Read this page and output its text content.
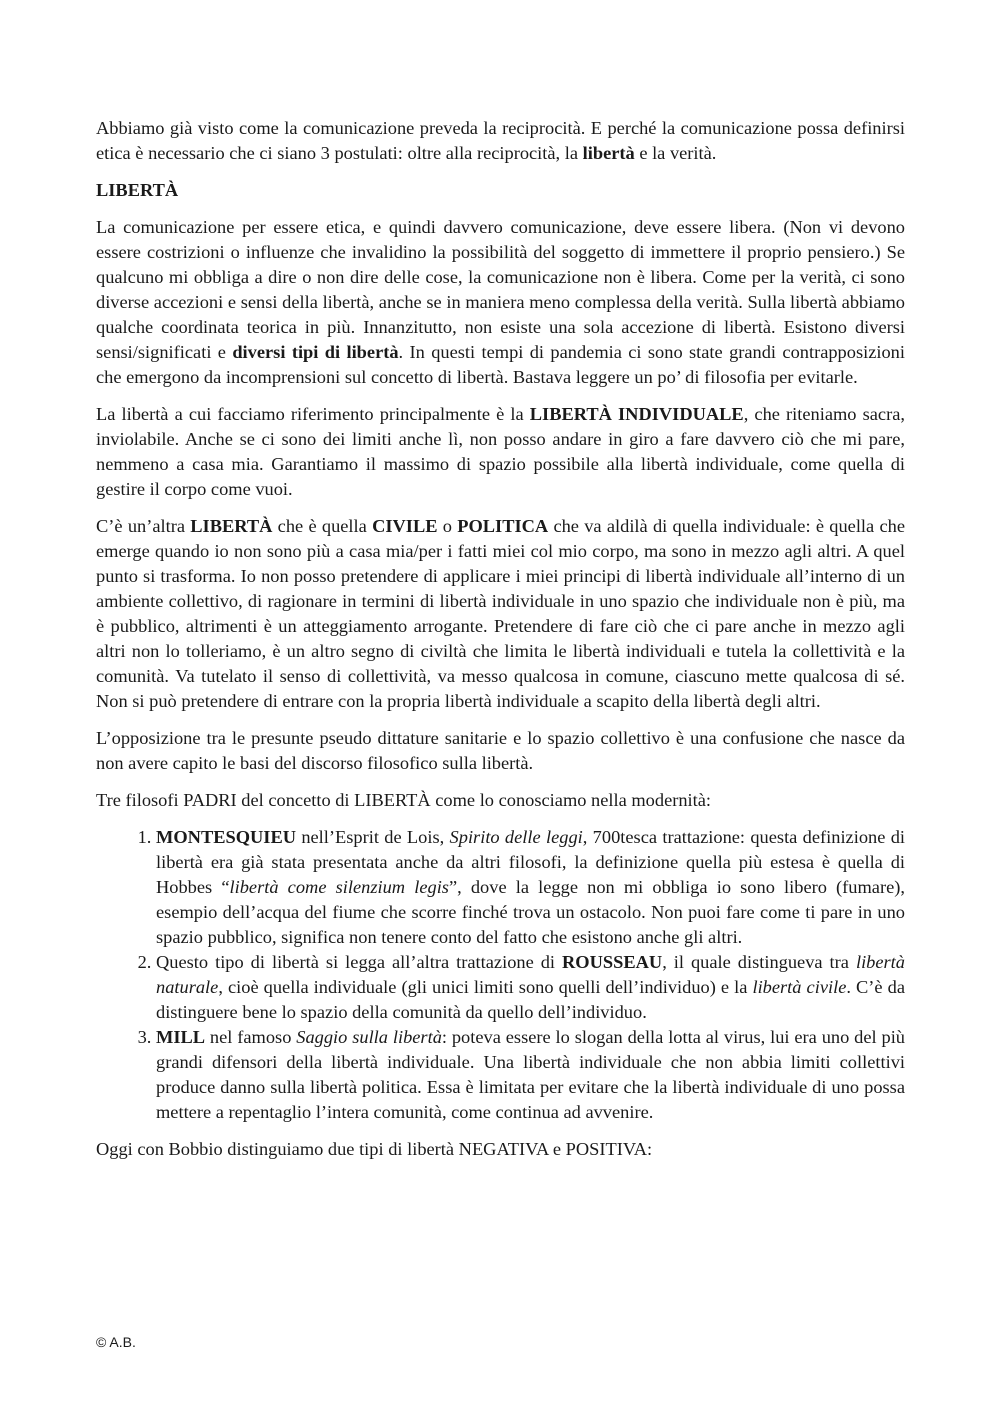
Abbiamo già visto come la comunicazione preveda la reciprocità. E perché la comunicazione possa definirsi etica è necessario che ci siano 3 postulati: oltre alla reciprocità, la libertà e la verità.

LIBERTÀ

La comunicazione per essere etica, e quindi davvero comunicazione, deve essere libera. (Non vi devono essere costrizioni o influenze che invalidino la possibilità del soggetto di immettere il proprio pensiero.) Se qualcuno mi obbliga a dire o non dire delle cose, la comunicazione non è libera. Come per la verità, ci sono diverse accezioni e sensi della libertà, anche se in maniera meno complessa della verità. Sulla libertà abbiamo qualche coordinata teorica in più. Innanzitutto, non esiste una sola accezione di libertà. Esistono diversi sensi/significati e diversi tipi di libertà. In questi tempi di pandemia ci sono state grandi contrapposizioni che emergono da incomprensioni sul concetto di libertà. Bastava leggere un po’ di filosofia per evitarle.

La libertà a cui facciamo riferimento principalmente è la LIBERTÀ INDIVIDUALE, che riteniamo sacra, inviolabile. Anche se ci sono dei limiti anche lì, non posso andare in giro a fare davvero ciò che mi pare, nemmeno a casa mia. Garantiamo il massimo di spazio possibile alla libertà individuale, come quella di gestire il corpo come vuoi.

C’è un’altra LIBERTÀ che è quella CIVILE o POLITICA che va aldilà di quella individuale: è quella che emerge quando io non sono più a casa mia/per i fatti miei col mio corpo, ma sono in mezzo agli altri. A quel punto si trasforma. Io non posso pretendere di applicare i miei principi di libertà individuale all’interno di un ambiente collettivo, di ragionare in termini di libertà individuale in uno spazio che individuale non è più, ma è pubblico, altrimenti è un atteggiamento arrogante. Pretendere di fare ciò che ci pare anche in mezzo agli altri non lo tolleriamo, è un altro segno di civiltà che limita le libertà individuali e tutela la collettività e la comunità. Va tutelato il senso di collettività, va messo qualcosa in comune, ciascuno mette qualcosa di sé. Non si può pretendere di entrare con la propria libertà individuale a scapito della libertà degli altri.

L’opposizione tra le presunte pseudo dittature sanitarie e lo spazio collettivo è una confusione che nasce da non avere capito le basi del discorso filosofico sulla libertà.

Tre filosofi PADRI del concetto di LIBERTÀ come lo conosciamo nella modernità:

1. MONTESQUIEU nell’Esprit de Lois, Spirito delle leggi, 700tesca trattazione: questa definizione di libertà era già stata presentata anche da altri filosofi, la definizione quella più estesa è quella di Hobbes “libertà come silenzium legis”, dove la legge non mi obbliga io sono libero (fumare), esempio dell’acqua del fiume che scorre finché trova un ostacolo. Non puoi fare come ti pare in uno spazio pubblico, significa non tenere conto del fatto che esistono anche gli altri.
2. Questo tipo di libertà si legga all’altra trattazione di ROUSSEAU, il quale distingueva tra libertà naturale, cioè quella individuale (gli unici limiti sono quelli dell’individuo) e la libertà civile. C’è da distinguere bene lo spazio della comunità da quello dell’individuo.
3. MILL nel famoso Saggio sulla libertà: poteva essere lo slogan della lotta al virus, lui era uno del più grandi difensori della libertà individuale. Una libertà individuale che non abbia limiti collettivi produce danno sulla libertà politica. Essa è limitata per evitare che la libertà individuale di uno possa mettere a repentaglio l’intera comunità, come continua ad avvenire.

Oggi con Bobbio distinguiamo due tipi di libertà NEGATIVA e POSITIVA:

© A.B.
